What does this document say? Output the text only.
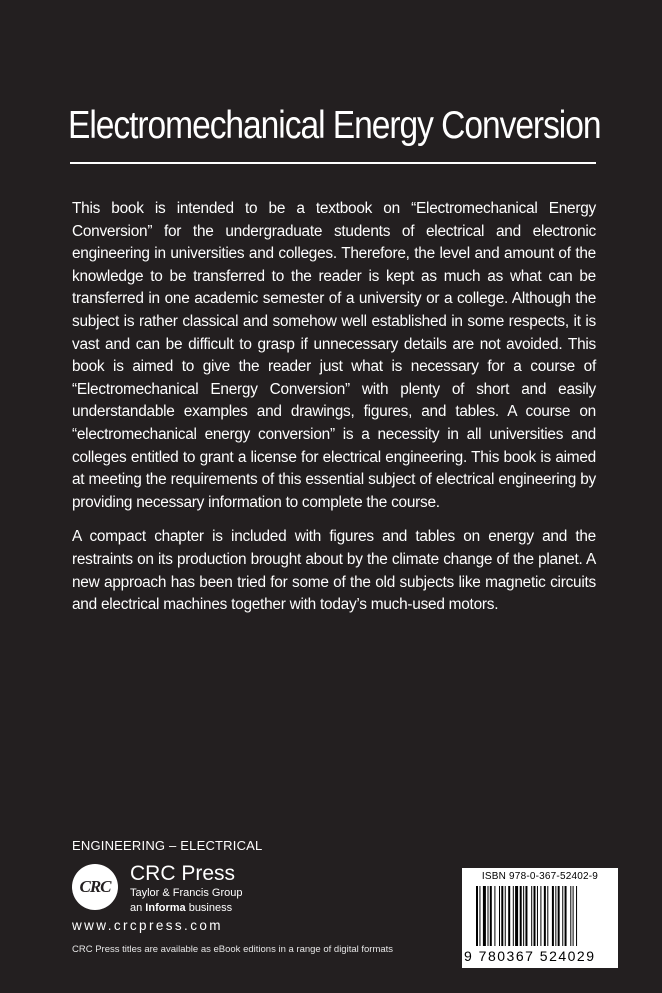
Electromechanical Energy Conversion

This book is intended to be a textbook on “Electromechanical Energy Conversion” for the undergraduate students of electrical and electronic engineering in universities and colleges. Therefore, the level and amount of the knowledge to be transferred to the reader is kept as much as what can be transferred in one academic semester of a university or a college. Although the subject is rather classical and somehow well established in some respects, it is vast and can be difficult to grasp if unnecessary details are not avoided. This book is aimed to give the reader just what is necessary for a course of “Electromechanical Energy Conversion” with plenty of short and easily understandable examples and drawings, figures, and tables. A course on “electromechanical energy conversion” is a necessity in all universities and colleges entitled to grant a license for electrical engineering. This book is aimed at meeting the requirements of this essential subject of electrical engineering by providing necessary information to complete the course.

A compact chapter is included with figures and tables on energy and the restraints on its production brought about by the climate change of the planet. A new approach has been tried for some of the old subjects like magnetic circuits and electrical machines together with today’s much-used motors.

ENGINEERING – ELECTRICAL
CRC
CRC Press
Taylor & Francis Group
an Informa business
www.crcpress.com
CRC Press titles are available as eBook editions in a range of digital formats
ISBN 978-0-367-52402-9
9 780367 524029
